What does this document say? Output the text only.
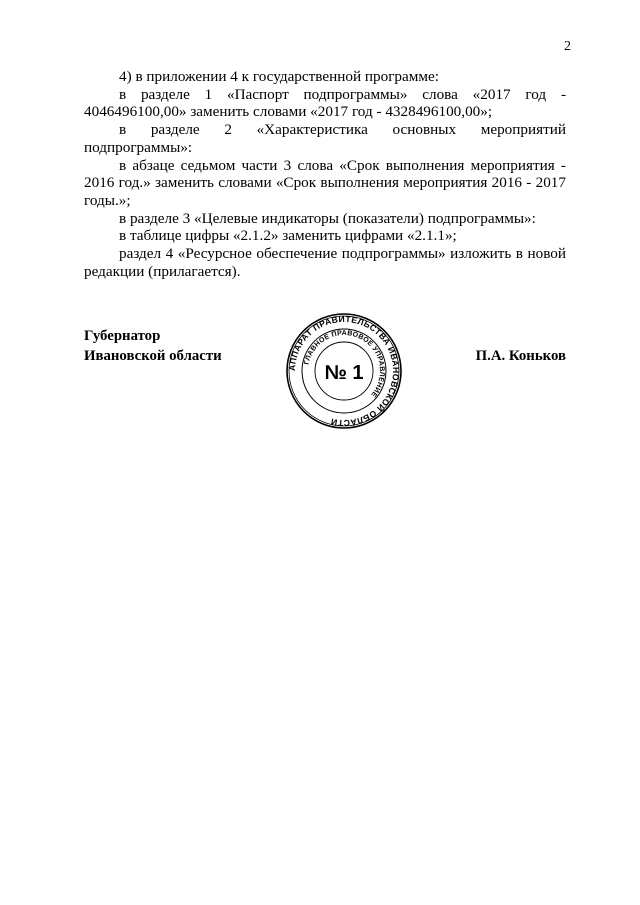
2

4) в приложении 4 к государственной программе:

в разделе 1 «Паспорт подпрограммы» слова «2017 год - 4046496100,00» заменить словами «2017 год - 4328496100,00»;

в разделе 2 «Характеристика основных мероприятий подпрограммы»:

в абзаце седьмом части 3 слова «Срок выполнения мероприятия - 2016 год.» заменить словами «Срок выполнения мероприятия 2016 - 2017 годы.»;

в разделе 3 «Целевые индикаторы (показатели) подпрограммы»:

в таблице цифры «2.1.2» заменить цифрами «2.1.1»;

раздел 4 «Ресурсное обеспечение подпрограммы» изложить в новой редакции (прилагается).

Губернатор
Ивановской области
АППАРАТ ПРАВИТЕЛЬСТВА ИВАНОВСКОЙ ОБЛАСТИ
ГЛАВНОЕ ПРАВОВОЕ УПРАВЛЕНИЕ
№ 1
П.А. Коньков
